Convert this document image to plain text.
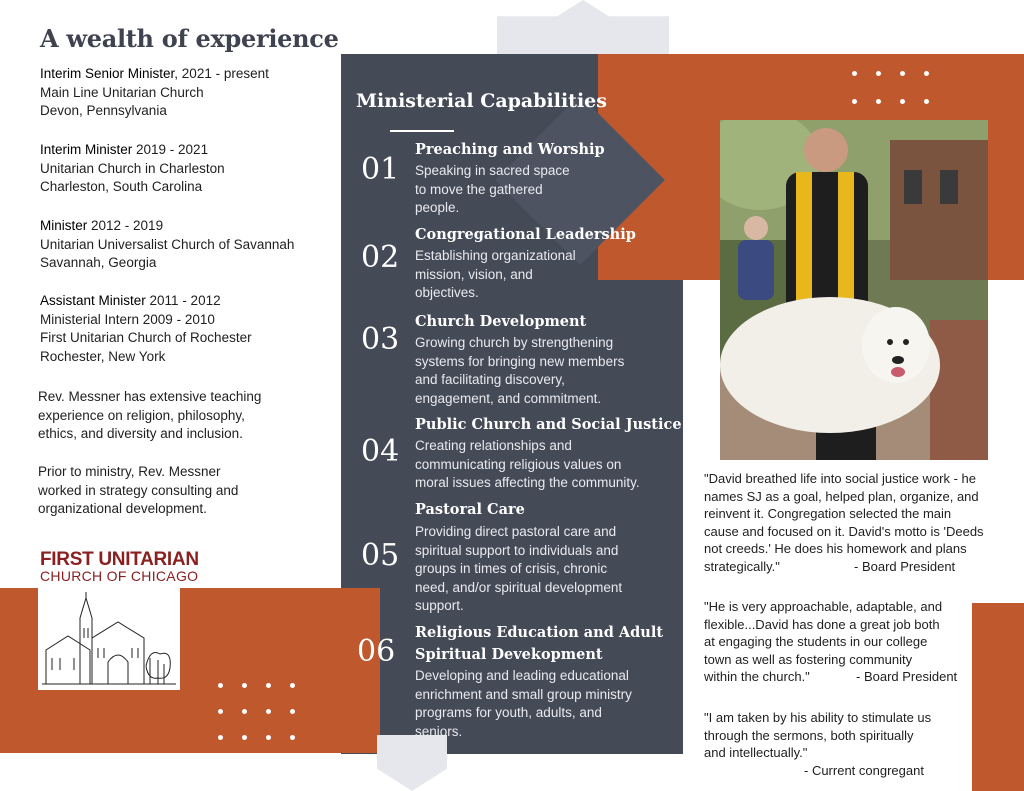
A wealth of experience
Interim Senior Minister, 2021 - present
Main Line Unitarian Church
Devon, Pennsylvania
Interim Minister 2019 - 2021
Unitarian Church in Charleston
Charleston, South Carolina
Minister 2012 - 2019
Unitarian Universalist Church of Savannah
Savannah, Georgia
Assistant Minister 2011 - 2012
Ministerial Intern 2009 - 2010
First Unitarian Church of Rochester
Rochester, New York
Rev. Messner has extensive teaching
experience on religion, philosophy,
ethics, and diversity and inclusion.
Prior to ministry, Rev. Messner
worked in strategy consulting and
organizational development.
FIRST UNITARIAN
CHURCH OF CHICAGO
Ministerial Capabilities
01
Preaching and Worship
Speaking in sacred space
to move the gathered
people.
02
Congregational Leadership
Establishing organizational
mission, vision, and
objectives.
03
Church Development
Growing church by strengthening
systems for bringing new members
and facilitating discovery,
engagement, and commitment.
04
Public Church and Social Justice
Creating relationships and
communicating religious values on
moral issues affecting the community.
05
Pastoral Care
Providing direct pastoral care and
spiritual support to individuals and
groups in times of crisis, chronic
need, and/or spiritual development
support.
06
Religious Education and Adult
Spiritual Devekopment
Developing and leading educational
enrichment and small group ministry
programs for youth, adults, and
seniors.
"David breathed life into social justice work - he
names SJ as a goal, helped plan, organize, and
reinvent it. Congregation selected the main
cause and focused on it. David's motto is 'Deeds
not creeds.' He does his homework and plans
strategically."	- Board President
"He is very approachable, adaptable, and
flexible...David has done a great job both
at engaging the students in our college
town as well as fostering community
within the church."	- Board President
"I am taken by his ability to stimulate us
through the sermons, both spiritually
and intellectually."
- Current congregant
